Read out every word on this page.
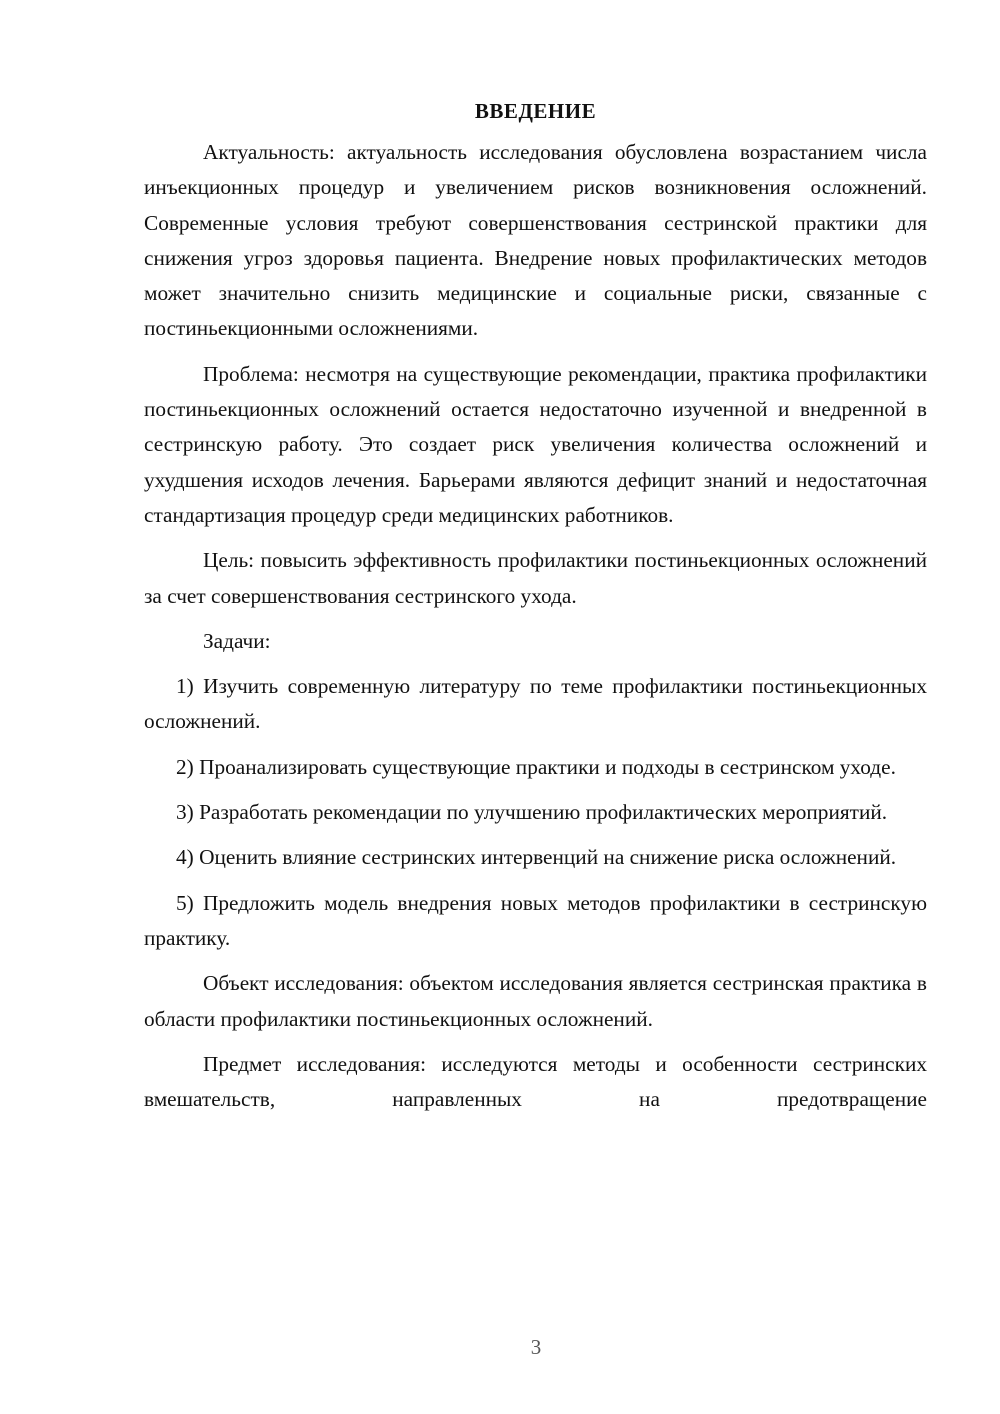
ВВЕДЕНИЕ

Актуальность: актуальность исследования обусловлена возрастанием числа инъекционных процедур и увеличением рисков возникновения осложнений. Современные условия требуют совершенствования сестринской практики для снижения угроз здоровья пациента. Внедрение новых профилактических методов может значительно снизить медицинские и социальные риски, связанные с постиньекционными осложнениями.

Проблема: несмотря на существующие рекомендации, практика профилактики постиньекционных осложнений остается недостаточно изученной и внедренной в сестринскую работу. Это создает риск увеличения количества осложнений и ухудшения исходов лечения. Барьерами являются дефицит знаний и недостаточная стандартизация процедур среди медицинских работников.

Цель: повысить эффективность профилактики постиньекционных осложнений за счет совершенствования сестринского ухода.

Задачи:

1) Изучить современную литературу по теме профилактики постиньекционных осложнений.

2) Проанализировать существующие практики и подходы в сестринском уходе.

3) Разработать рекомендации по улучшению профилактических мероприятий.

4) Оценить влияние сестринских интервенций на снижение риска осложнений.

5) Предложить модель внедрения новых методов профилактики в сестринскую практику.

Объект исследования: объектом исследования является сестринская практика в области профилактики постиньекционных осложнений.

Предмет исследования: исследуются методы и особенности сестринских вмешательств, направленных на предотвращение

3
